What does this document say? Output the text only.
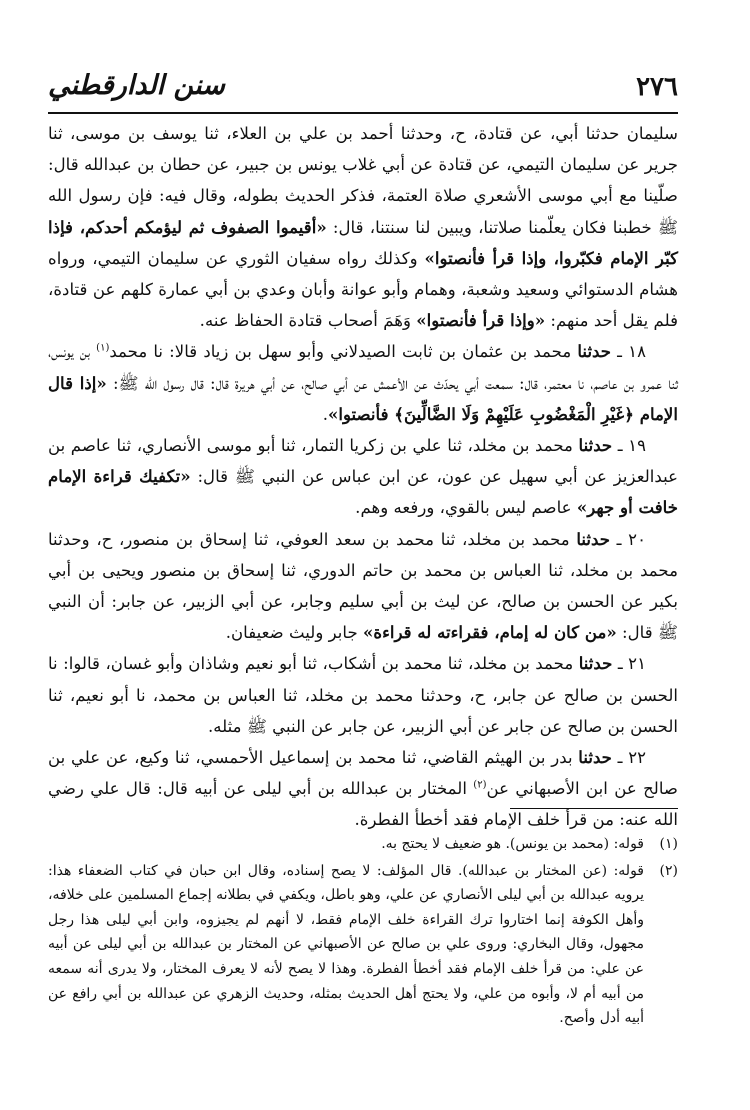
٢٧٦
سنن الدارقطني

سليمان حدثنا أبي، عن قتادة، ح، وحدثنا أحمد بن علي بن العلاء، ثنا يوسف بن موسى، ثنا جرير عن سليمان التيمي، عن قتادة عن أبي غلاب يونس بن جبير، عن حطان بن عبدالله قال: صلّينا مع أبي موسى الأشعري صلاة العتمة، فذكر الحديث بطوله، وقال فيه: فإن رسول الله ﷺ خطبنا فكان يعلّمنا صلاتنا، ويبين لنا سنتنا، قال: «أقيموا الصفوف ثم ليؤمكم أحدكم، فإذا كبّر الإمام فكبّروا، وإذا قرأ فأنصتوا» وكذلك رواه سفيان الثوري عن سليمان التيمي، ورواه هشام الدستوائي وسعيد وشعبة، وهمام وأبو عوانة وأبان وعدي بن أبي عمارة كلهم عن قتادة، فلم يقل أحد منهم: «وإذا قرأ فأنصتوا» وَهَمَ أصحاب قتادة الحفاظ عنه.

١٨ ـ حدثنا محمد بن عثمان بن ثابت الصيدلاني وأبو سهل بن زياد قالا: نا محمد$^{(١)}$ بن يونس، ثنا عمرو بن عاصم، نا معتمر، قال: سمعت أبي يحدّث عن الأعمش عن أبي صالح، عن أبي هريرة قال: قال رسول الله ﷺ: «إذا قال الإمام ﴿غَيْرِ الْمَغْضُوبِ عَلَيْهِمْ وَلَا الضَّالِّينَ﴾ فأنصتوا».

١٩ ـ حدثنا محمد بن مخلد، ثنا علي بن زكريا التمار، ثنا أبو موسى الأنصاري، ثنا عاصم بن عبدالعزيز عن أبي سهيل عن عون، عن ابن عباس عن النبي ﷺ قال: «تكفيك قراءة الإمام خافت أو جهر» عاصم ليس بالقوي، ورفعه وهم.

٢٠ ـ حدثنا محمد بن مخلد، ثنا محمد بن سعد العوفي، ثنا إسحاق بن منصور، ح، وحدثنا محمد بن مخلد، ثنا العباس بن محمد بن حاتم الدوري، ثنا إسحاق بن منصور ويحيى بن أبي بكير عن الحسن بن صالح، عن ليث بن أبي سليم وجابر، عن أبي الزبير، عن جابر: أن النبي ﷺ قال: «من كان له إمام، فقراءته له قراءة» جابر وليث ضعيفان.

٢١ ـ حدثنا محمد بن مخلد، ثنا محمد بن أشكاب، ثنا أبو نعيم وشاذان وأبو غسان، قالوا: نا الحسن بن صالح عن جابر، ح، وحدثنا محمد بن مخلد، ثنا العباس بن محمد، نا أبو نعيم، ثنا الحسن بن صالح عن جابر عن أبي الزبير، عن جابر عن النبي ﷺ مثله.

٢٢ ـ حدثنا بدر بن الهيثم القاضي، ثنا محمد بن إسماعيل الأحمسي، ثنا وكيع، عن علي بن صالح عن ابن الأصبهاني عن$^{(٢)}$ المختار بن عبدالله بن أبي ليلى عن أبيه قال: قال علي رضي الله عنه: من قرأ خلف الإمام فقد أخطأ الفطرة.

(١)
قوله: (محمد بن يونس). هو ضعيف لا يحتج به.
(٢)
قوله: (عن المختار بن عبدالله). قال المؤلف: لا يصح إسناده، وقال ابن حبان في كتاب الضعفاء هذا: يرويه عبدالله بن أبي ليلى الأنصاري عن علي، وهو باطل، ويكفي في بطلانه إجماع المسلمين على خلافه، وأهل الكوفة إنما اختاروا ترك القراءة خلف الإمام فقط، لا أنهم لم يجيزوه، وابن أبي ليلى هذا رجل مجهول، وقال البخاري: وروى علي بن صالح عن الأصبهاني عن المختار بن عبدالله بن أبي ليلى عن أبيه عن علي: من قرأ خلف الإمام فقد أخطأ الفطرة. وهذا لا يصح لأنه لا يعرف المختار، ولا يدرى أنه سمعه من أبيه أم لا، وأبوه من علي، ولا يحتج أهل الحديث بمثله، وحديث الزهري عن عبدالله بن أبي رافع عن أبيه أدل وأصح.
